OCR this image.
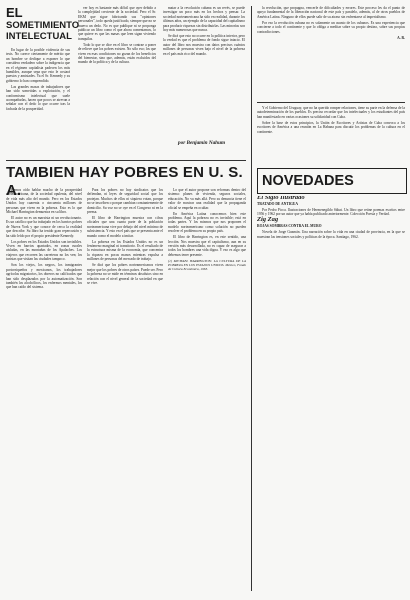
EL
SOMETIMIENTO
INTELECTUAL

En lugar de la posible violencia de sus tesis. No carece ciertamente de mérito que un hombre se dedique a exponer lo que considera verdadero sobre la indigencia que en el régimen capitalista padecen los más humildes, aunque sepa que esto le costará puestos y amistades. Ya el Sr. Kennedy y su gobierno lo han comprendido.

Las grandes masas de trabajadores que han sido sometidas a explotación, y el conformismo intelectual que suele acompañarlas, hacen que pocos se atrevan a señalar con el dedo lo que ocurre tras la fachada de la prosperidad.

ver hoy es bastante más difícil que ayer debido a la complejidad creciente de la sociedad. Pero el Sr. EKM que sigue fabricando sus "opiniones personales", todo queda justificado, siempre que no se mueva un dedo. No es que publique ni se proponga publicar un libro como el que ahora comentamos, lo que quiere es que las masas que leen sigan viviendo tranquilas.

Todo lo que se dice en el libro se contrae a poner de relieve que los pobres existen. No sólo eso; los que viven en esas condiciones no gozan de los beneficios del bienestar, sino que, además, están excluidos del mundo de la política y de la cultura.

matar a la revolución cubana es un revés, se puede investigar un poco más en los hechos y pensar. La sociedad norteamericana ha sido en realidad, durante los últimos años, un ejemplo de la capacidad del capitalismo para producir riquezas sin distribuirlas. Las minorías son hoy más numerosas que nunca.

Se dirá que esto no ocurre en la política interior, pero la verdad es que el problema de fondo sigue intacto. El autor del libro nos muestra con datos precisos cuántos millones de personas viven bajo el nivel de la pobreza en el país más rico del mundo.

por Benjamin Nahum

la revolución, que propugna, vencerle de dificultades y errores. Este proceso les da el punto de apoyo fundamental de la liberación nacional de este país y paralelo, además, al de otros pueblos de América Latina. Ninguno de ellos puede salir de su atraso sin enfrentarse al imperialismo.

Por eso la revolución cubana no es solamente un asunto de los cubanos. Es una experiencia que concierne a todo el continente y que lo obliga a meditar sobre su propio destino, sobre sus propias contradicciones.

A. R.

Y el Gobierno del Uruguay, que no ha querido romper relaciones, tiene su parte en la defensa de la autodeterminación de los pueblos. Es preciso recordar que los intelectuales y los estudiantes del país han manifestado en varias ocasiones su solidaridad con Cuba.

Sobre la base de estos principios, la Unión de Escritores y Artistas de Cuba convoca a los escritores de América a una reunión en La Habana para discutir los problemas de la cultura en el continente.

NOVEDADES

El Siglo Ilustrado

TRATADO DE ANTIGUA

Por Pedro Picca. Ilustraciones de Hermenegildo Sábat. Un libro que reúne poemas escritos entre 1956 y 1962 por un autor que ya había publicado anteriormente. Colección Poesía y Verdad.

Zig Zag

ROJAS SOMBRAS CONTRA EL MURO

Novela de Jorge Guzmán. Una narración sobre la vida en una ciudad de provincia, en la que se muestran las tensiones sociales y políticas de la época. Santiago, 1962.

TAMBIEN HAY POBRES EN U. S. A.

Hemos oído hablar mucho de la prosperidad norteamericana, de la sociedad opulenta, del nivel de vida más alto del mundo. Pero en los Estados Unidos hay cuarenta o cincuenta millones de personas que viven en la pobreza. Esto es lo que Michael Harrington demuestra en su libro.

El autor no es un marxista ni un revolucionario. Es un católico que ha trabajado en los barrios pobres de Nueva York y que conoce de cerca la realidad que describe. Su libro ha tenido gran repercusión y ha sido leído por el propio presidente Kennedy.

Los pobres en los Estados Unidos son invisibles. Viven en barrios apartados, en zonas rurales aisladas, en las montañas de los Apalaches. Los viajeros que recorren las carreteras no los ven; los turistas que visitan las ciudades tampoco.

Son los viejos, los negros, los inmigrantes portorriqueños y mexicanos, los trabajadores agrícolas migratorios, los obreros no calificados que han sido desplazados por la automatización. Son también los alcohólicos, los enfermos mentales, los que han caído del sistema.

Para los pobres no hay sindicatos que los defiendan, ni leyes de seguridad social que los protejan. Muchos de ellos ni siquiera votan, porque no se inscriben o porque cambian constantemente de domicilio. Su voz no se oye en el Congreso ni en la prensa.

El libro de Harrington muestra con cifras oficiales que una cuarta parte de la población norteamericana vive por debajo del nivel mínimo de subsistencia. Y esto en el país que se presenta ante el mundo como el modelo a imitar.

La pobreza en los Estados Unidos no es un fenómeno marginal ni transitorio. Es el resultado de la estructura misma de la economía, que concentra la riqueza en pocas manos mientras expulsa a millones de personas del mercado de trabajo.

Se dirá que los pobres norteamericanos viven mejor que los pobres de otros países. Puede ser. Pero la pobreza no se mide en términos absolutos sino en relación con el nivel general de la sociedad en que se vive.

Lo que el autor propone son reformas dentro del sistema: planes de vivienda, seguros sociales, educación. No va más allá. Pero su denuncia tiene el valor de mostrar una realidad que la propaganda oficial se empeña en ocultar.

En América Latina conocemos bien este problema. Aquí la pobreza no es invisible; está en todas partes. Y los mismos que nos proponen el modelo norteamericano como solución no pueden resolver el problema en su propio país.

El libro de Harrington es, en este sentido, una lección. Nos muestra que el capitalismo, aun en su versión más desarrollada, no es capaz de asegurar a todos los hombres una vida digna. Y eso es algo que debemos tener presente.

(1) MICHAEL HARRINGTON: LA CULTURA DE LA POBREZA EN LOS ESTADOS UNIDOS. México, Fondo de Cultura Económica, 1963.
